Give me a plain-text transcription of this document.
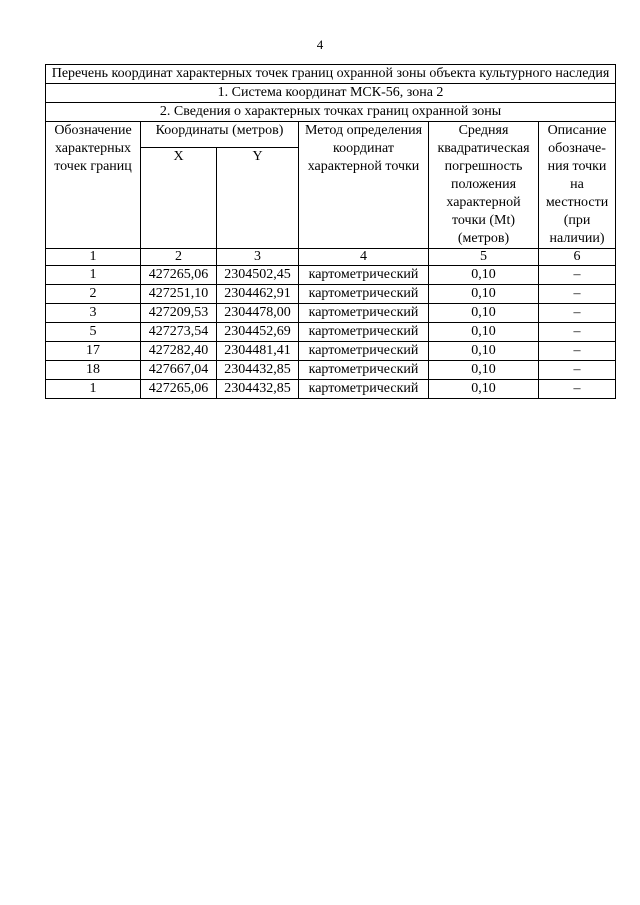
4
Перечень координат характерных точек границ охранной зоны объекта культурного наследия					
1. Система координат МСК-56, зона 2					
2. Сведения о характерных точках границ охранной зоны					
Обозначение характерных точек границ	Координаты (метров)		Метод определения координат характерной точки	Средняя квадратическая погрешность положения характерной точки (Mt) (метров)	Описание обозначе-ния точки на местности (при наличии)
	X	Y			
1	2	3	4	5	6
1	427265,06	2304502,45	картометрический	0,10	–
2	427251,10	2304462,91	картометрический	0,10	–
3	427209,53	2304478,00	картометрический	0,10	–
5	427273,54	2304452,69	картометрический	0,10	–
17	427282,40	2304481,41	картометрический	0,10	–
18	427667,04	2304432,85	картометрический	0,10	–
1	427265,06	2304432,85	картометрический	0,10	–
